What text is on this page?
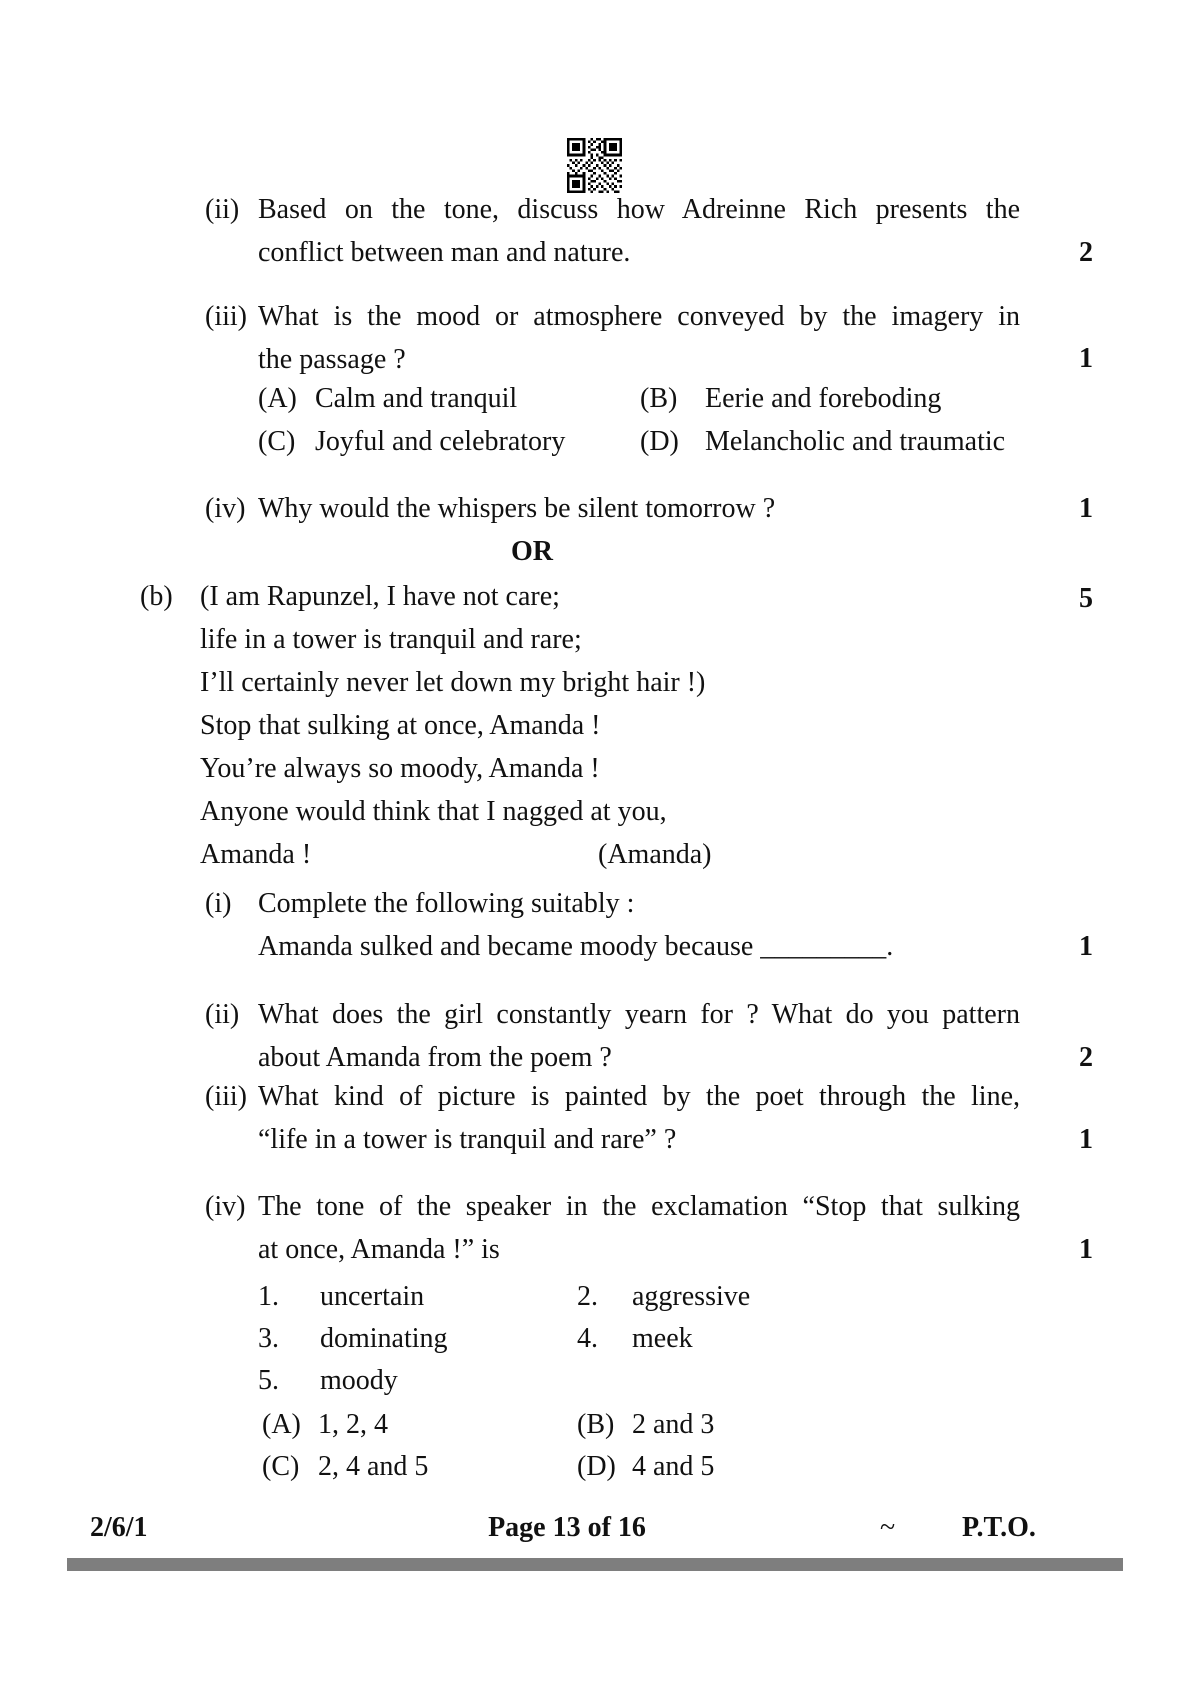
(ii) Based on the tone, discuss how Adreinne Rich presents the
conflict between man and nature.	2
(iii) What is the mood or atmosphere conveyed by the imagery in
the passage ?	1
(A) Calm and tranquil	(B) Eerie and foreboding
(C) Joyful and celebratory	(D) Melancholic and traumatic
(iv) Why would the whispers be silent tomorrow ?	1
OR
(b) (I am Rapunzel, I have not care;
life in a tower is tranquil and rare;
I’ll certainly never let down my bright hair !)
Stop that sulking at once, Amanda !
You’re always so moody, Amanda !
Anyone would think that I nagged at you,
Amanda !	(Amanda)
5
(i) Complete the following suitably :
Amanda sulked and became moody because _________.	1
(ii) What does the girl constantly yearn for ? What do you pattern
about Amanda from the poem ?	2
(iii) What kind of picture is painted by the poet through the line,
“life in a tower is tranquil and rare” ?	1
(iv) The tone of the speaker in the exclamation “Stop that sulking
at once, Amanda !” is	1
1. uncertain	2. aggressive
3. dominating	4. meek
5. moody
(A) 1, 2, 4	(B) 2 and 3
(C) 2, 4 and 5	(D) 4 and 5
2/6/1	Page 13 of 16	~ P.T.O.
